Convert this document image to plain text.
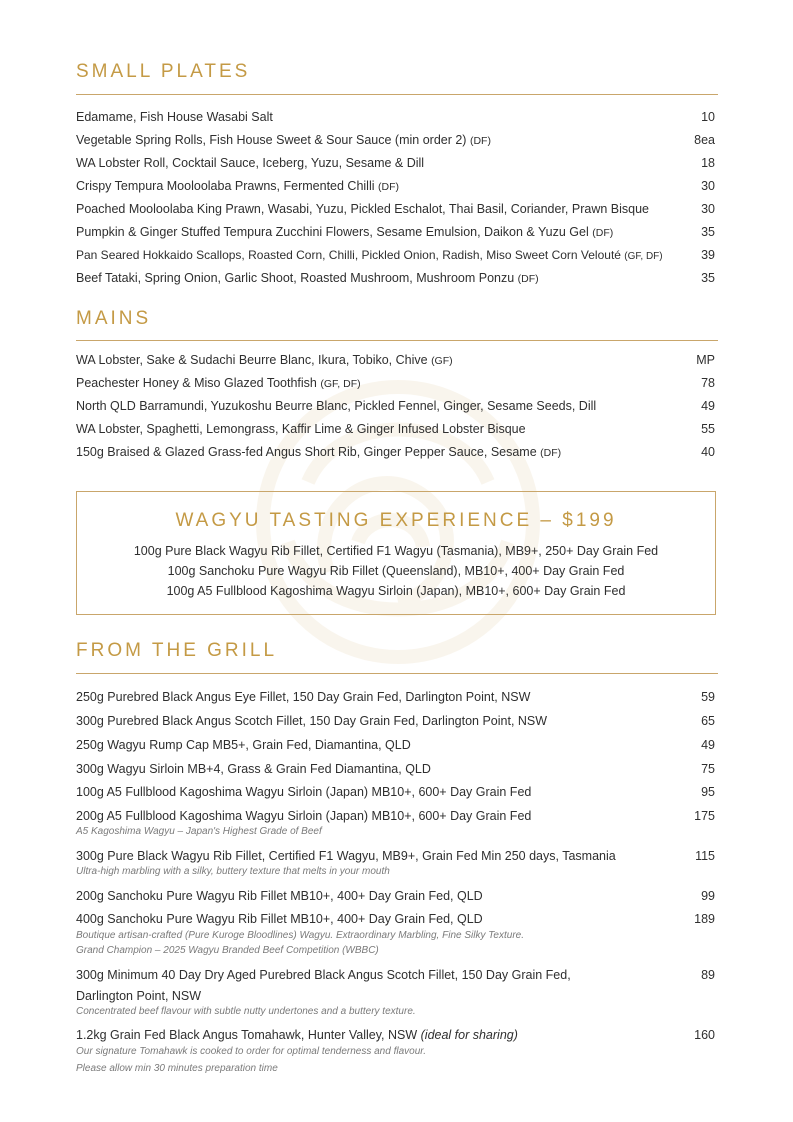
SMALL PLATES
Edamame, Fish House Wasabi Salt	10
Vegetable Spring Rolls, Fish House Sweet & Sour Sauce (min order 2) (DF)	8ea
WA Lobster Roll, Cocktail Sauce, Iceberg, Yuzu, Sesame & Dill	18
Crispy Tempura Mooloolaba Prawns, Fermented Chilli (DF)	30
Poached Mooloolaba King Prawn, Wasabi, Yuzu, Pickled Eschalot, Thai Basil, Coriander, Prawn Bisque	30
Pumpkin & Ginger Stuffed Tempura Zucchini Flowers, Sesame Emulsion, Daikon & Yuzu Gel (DF)	35
Pan Seared Hokkaido Scallops, Roasted Corn, Chilli, Pickled Onion, Radish, Miso Sweet Corn Velouté (GF, DF)	39
Beef Tataki, Spring Onion, Garlic Shoot, Roasted Mushroom, Mushroom Ponzu (DF)	35
MAINS
WA Lobster, Sake & Sudachi Beurre Blanc, Ikura, Tobiko, Chive (GF)	MP
Peachester Honey & Miso Glazed Toothfish (GF, DF)	78
North QLD Barramundi, Yuzukoshu Beurre Blanc, Pickled Fennel, Ginger, Sesame Seeds, Dill	49
WA Lobster, Spaghetti, Lemongrass, Kaffir Lime & Ginger Infused Lobster Bisque	55
150g Braised & Glazed Grass-fed Angus Short Rib, Ginger Pepper Sauce, Sesame (DF)	40
WAGYU TASTING EXPERIENCE – $199
100g Pure Black Wagyu Rib Fillet, Certified F1 Wagyu (Tasmania), MB9+, 250+ Day Grain Fed
100g Sanchoku Pure Wagyu Rib Fillet (Queensland), MB10+, 400+ Day Grain Fed
100g A5 Fullblood Kagoshima Wagyu Sirloin (Japan), MB10+, 600+ Day Grain Fed
FROM THE GRILL
250g Purebred Black Angus Eye Fillet, 150 Day Grain Fed, Darlington Point, NSW	59
300g Purebred Black Angus Scotch Fillet, 150 Day Grain Fed, Darlington Point, NSW	65
250g Wagyu Rump Cap MB5+, Grain Fed, Diamantina, QLD	49
300g Wagyu Sirloin MB+4, Grass & Grain Fed Diamantina, QLD	75
100g A5 Fullblood Kagoshima Wagyu Sirloin (Japan) MB10+, 600+ Day Grain Fed	95
200g A5 Fullblood Kagoshima Wagyu Sirloin (Japan) MB10+, 600+ Day Grain Fed	175
A5 Kagoshima Wagyu – Japan's Highest Grade of Beef
300g Pure Black Wagyu Rib Fillet, Certified F1 Wagyu, MB9+, Grain Fed Min 250 days, Tasmania	115
Ultra-high marbling with a silky, buttery texture that melts in your mouth
200g Sanchoku Pure Wagyu Rib Fillet MB10+, 400+ Day Grain Fed, QLD	99
400g Sanchoku Pure Wagyu Rib Fillet MB10+, 400+ Day Grain Fed, QLD	189
Boutique artisan-crafted (Pure Kuroge Bloodlines) Wagyu. Extraordinary Marbling, Fine Silky Texture.
Grand Champion – 2025 Wagyu Branded Beef Competition (WBBC)
300g Minimum 40 Day Dry Aged Purebred Black Angus Scotch Fillet, 150 Day Grain Fed,	89
Darlington Point, NSW
Concentrated beef flavour with subtle nutty undertones and a buttery texture.
1.2kg Grain Fed Black Angus Tomahawk, Hunter Valley, NSW (ideal for sharing)	160
Our signature Tomahawk is cooked to order for optimal tenderness and flavour.
Please allow min 30 minutes preparation time
